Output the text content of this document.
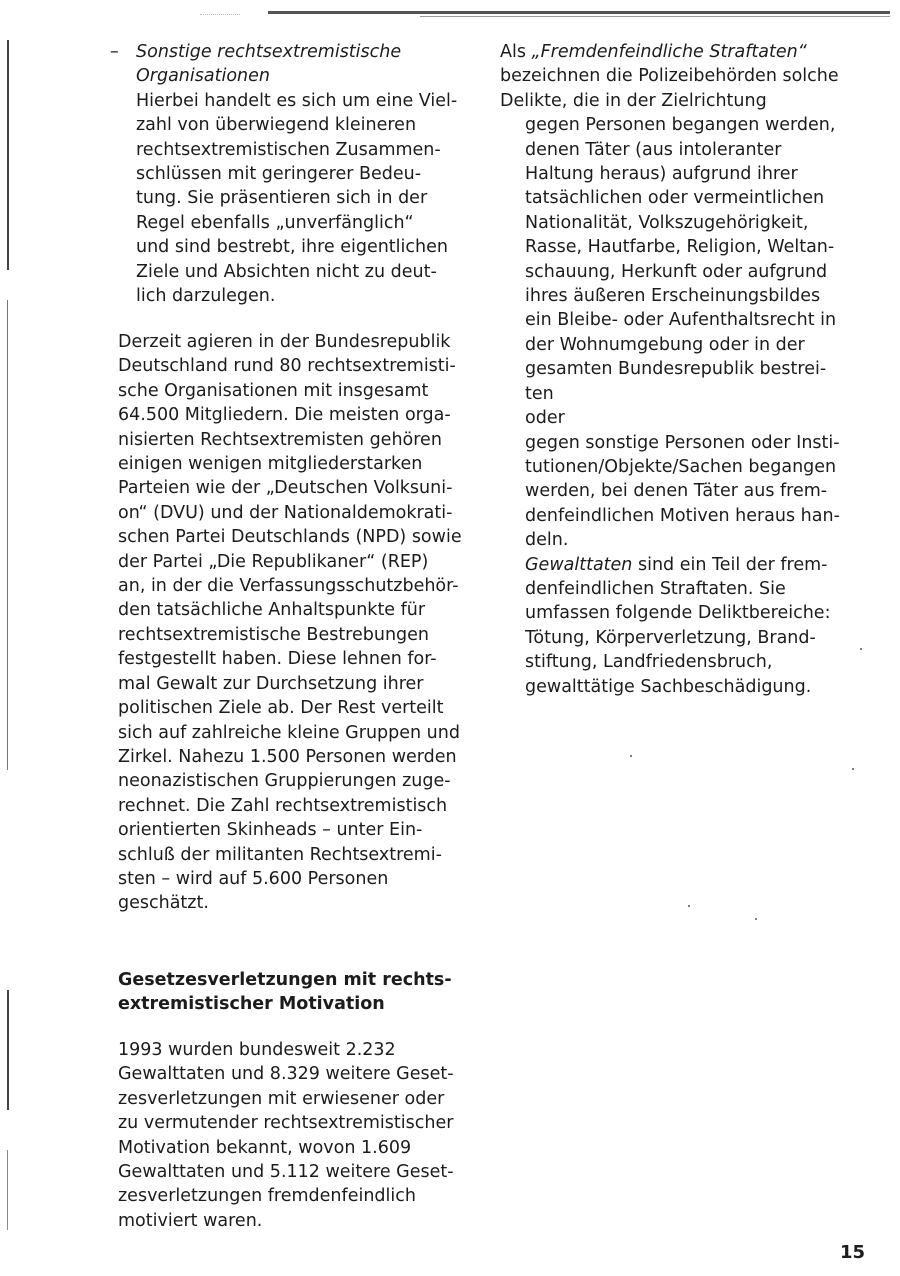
– Sonstige rechtsextremistische

Organisationen

Hierbei handelt es sich um eine Viel-

zahl von überwiegend kleineren

rechtsextremistischen Zusammen-

schlüssen mit geringerer Bedeu-

tung. Sie präsentieren sich in der

Regel ebenfalls „unverfänglich“

und sind bestrebt, ihre eigentlichen

Ziele und Absichten nicht zu deut-

lich darzulegen.

Derzeit agieren in der Bundesrepublik

Deutschland rund 80 rechtsextremisti-

sche Organisationen mit insgesamt

64.500 Mitgliedern. Die meisten orga-

nisierten Rechtsextremisten gehören

einigen wenigen mitgliederstarken

Parteien wie der „Deutschen Volksuni-

on“ (DVU) und der Nationaldemokrati-

schen Partei Deutschlands (NPD) sowie

der Partei „Die Republikaner“ (REP)

an, in der die Verfassungsschutzbehör-

den tatsächliche Anhaltspunkte für

rechtsextremistische Bestrebungen

festgestellt haben. Diese lehnen for-

mal Gewalt zur Durchsetzung ihrer

politischen Ziele ab. Der Rest verteilt

sich auf zahlreiche kleine Gruppen und

Zirkel. Nahezu 1.500 Personen werden

neonazistischen Gruppierungen zuge-

rechnet. Die Zahl rechtsextremistisch

orientierten Skinheads – unter Ein-

schluß der militanten Rechtsextremi-

sten – wird auf 5.600 Personen

geschätzt.

Gesetzesverletzungen mit rechts-

extremistischer Motivation

1993 wurden bundesweit 2.232

Gewalttaten und 8.329 weitere Geset-

zesverletzungen mit erwiesener oder

zu vermutender rechtsextremistischer

Motivation bekannt, wovon 1.609

Gewalttaten und 5.112 weitere Geset-

zesverletzungen fremdenfeindlich

motiviert waren.

Als „Fremdenfeindliche Straftaten“

bezeichnen die Polizeibehörden solche

Delikte, die in der Zielrichtung

gegen Personen begangen werden,

denen Täter (aus intoleranter

Haltung heraus) aufgrund ihrer

tatsächlichen oder vermeintlichen

Nationalität, Volkszugehörigkeit,

Rasse, Hautfarbe, Religion, Weltan-

schauung, Herkunft oder aufgrund

ihres äußeren Erscheinungsbildes

ein Bleibe- oder Aufenthaltsrecht in

der Wohnumgebung oder in der

gesamten Bundesrepublik bestrei-

ten

oder

gegen sonstige Personen oder Insti-

tutionen/Objekte/Sachen begangen

werden, bei denen Täter aus frem-

denfeindlichen Motiven heraus han-

deln.

Gewalttaten sind ein Teil der frem-

denfeindlichen Straftaten. Sie

umfassen folgende Deliktbereiche:

Tötung, Körperverletzung, Brand-

stiftung, Landfriedensbruch,

gewalttätige Sachbeschädigung.

15
